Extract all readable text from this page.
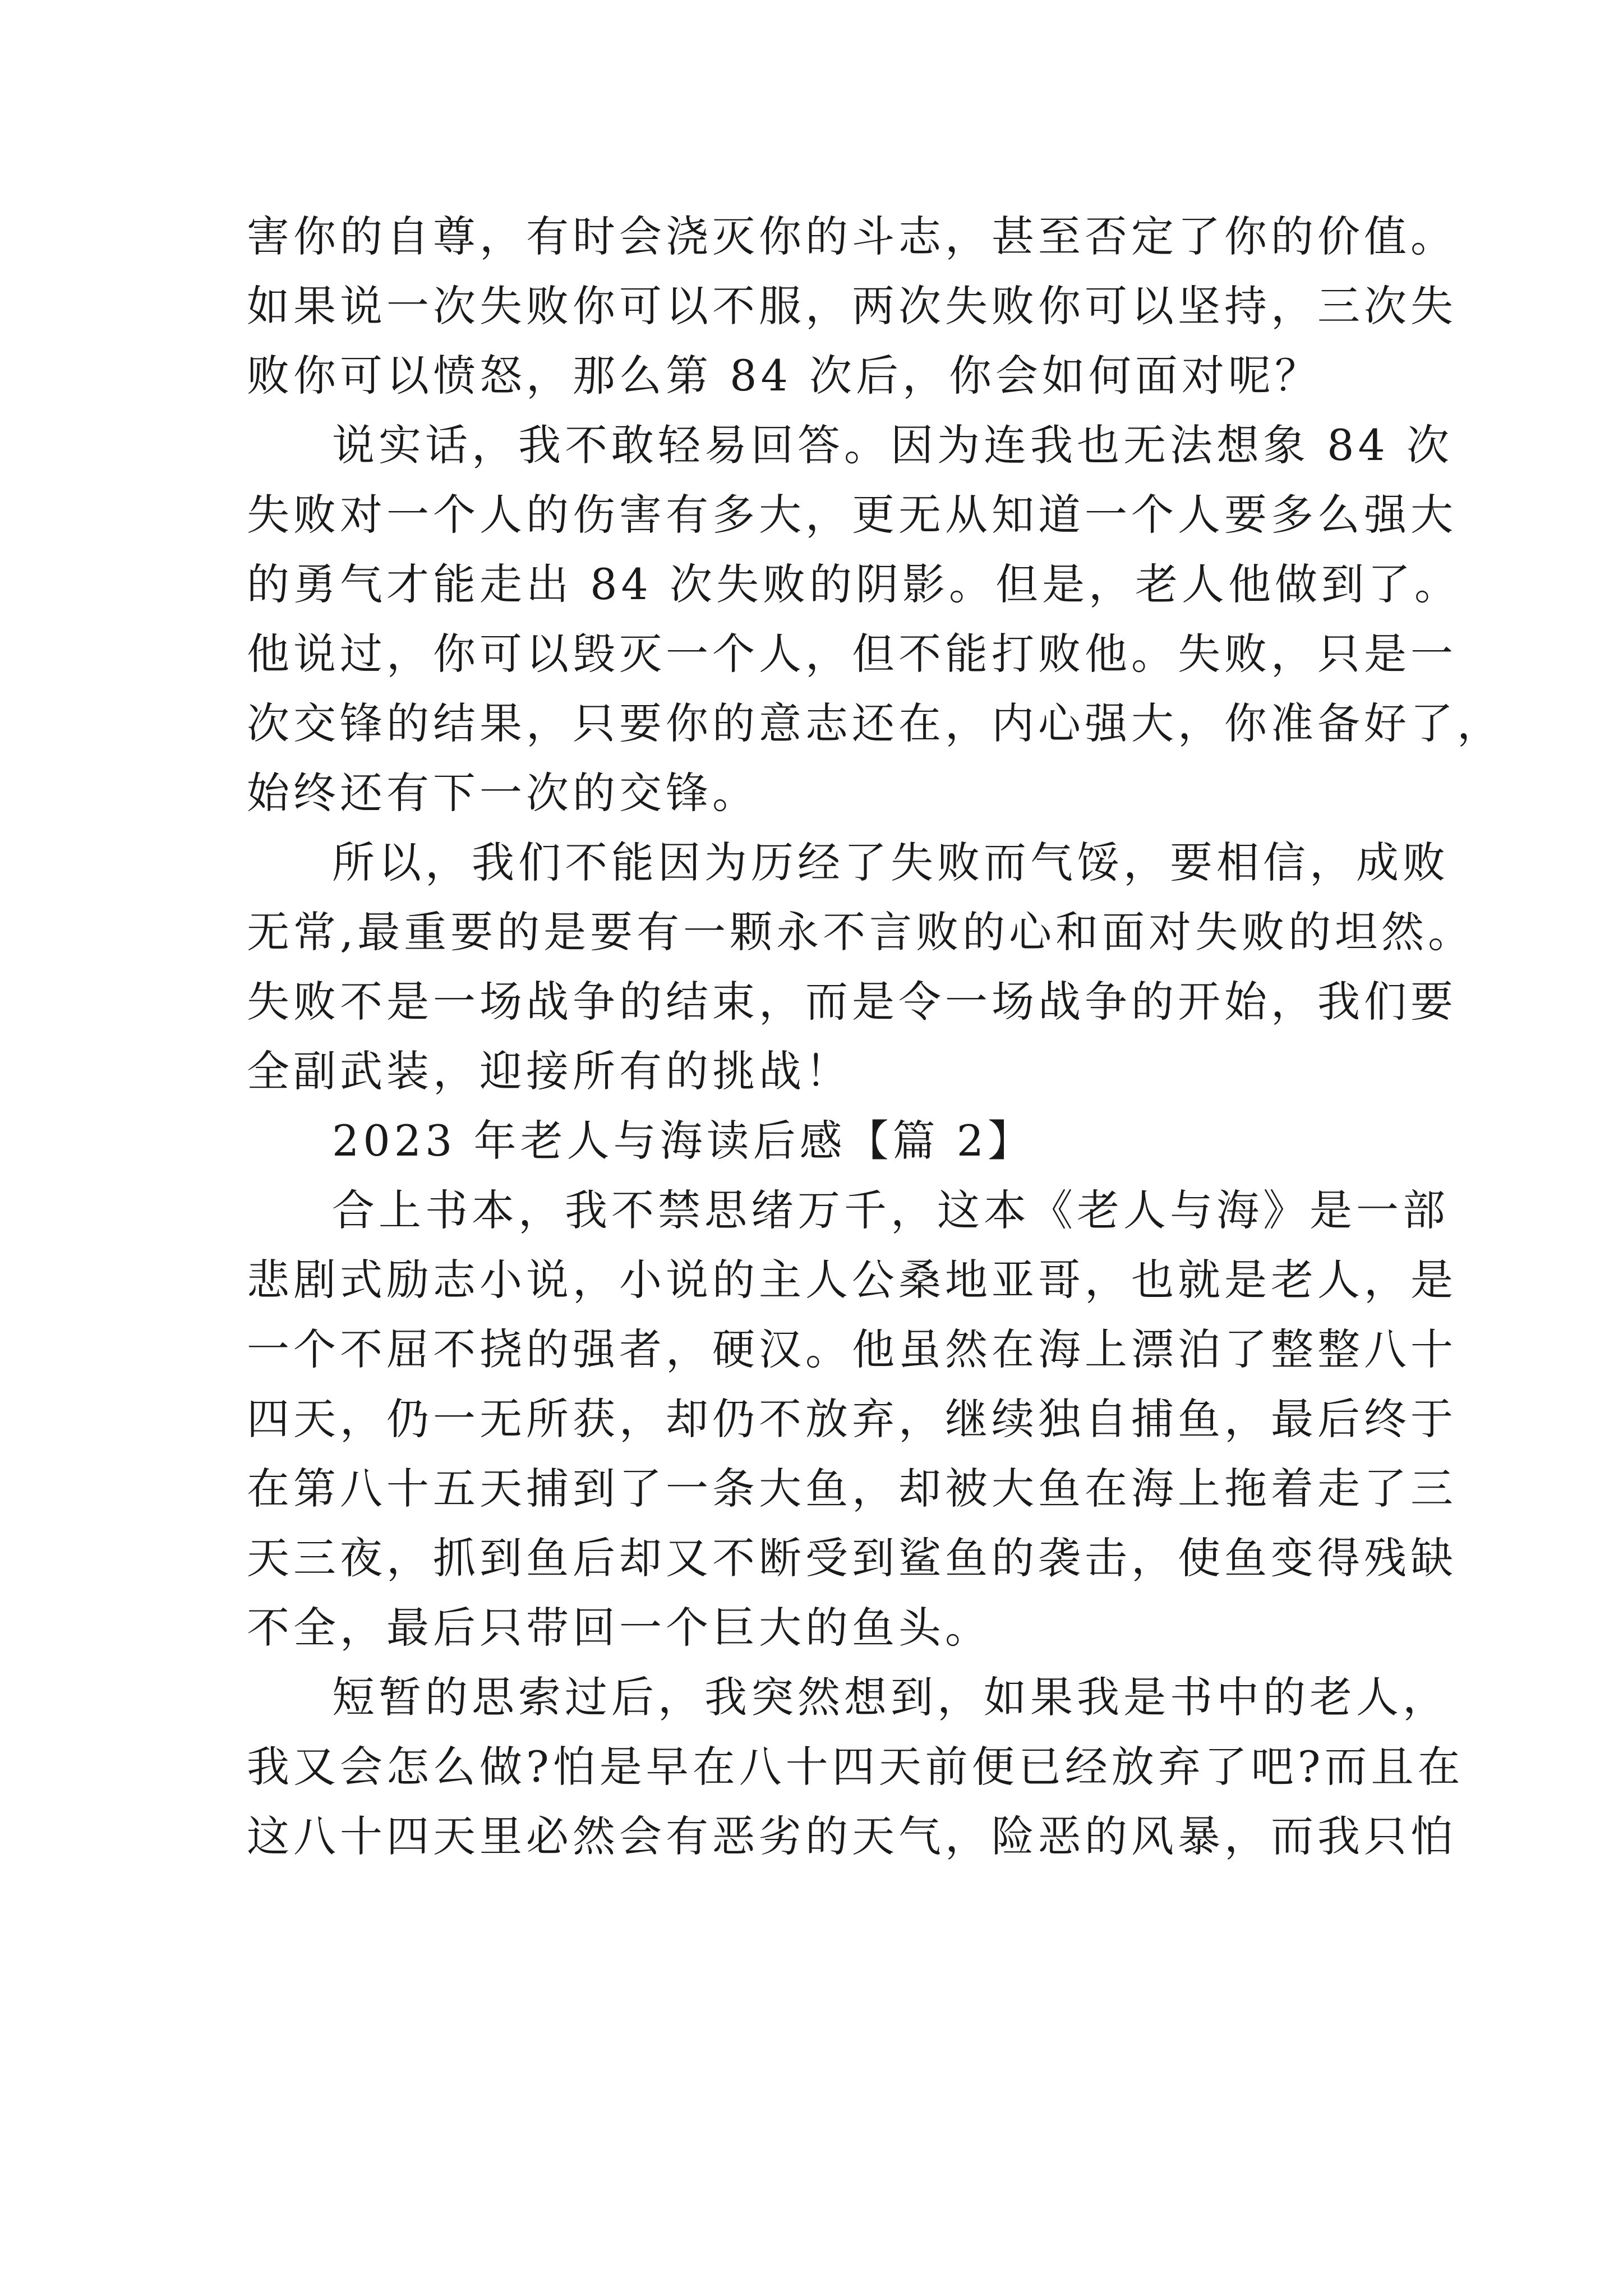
害你的自尊，有时会浇灭你的斗志，甚至否定了你的价值。
如果说一次失败你可以不服，两次失败你可以坚持，三次失
败你可以愤怒，那么第 84 次后，你会如何面对呢？
说实话，我不敢轻易回答。因为连我也无法想象 84 次
失败对一个人的伤害有多大，更无从知道一个人要多么强大
的勇气才能走出 84 次失败的阴影。但是，老人他做到了。
他说过，你可以毁灭一个人，但不能打败他。失败，只是一
次交锋的结果，只要你的意志还在，内心强大，你准备好了，
始终还有下一次的交锋。
所以，我们不能因为历经了失败而气馁，要相信，成败
无常,最重要的是要有一颗永不言败的心和面对失败的坦然。
失败不是一场战争的结束，而是令一场战争的开始，我们要
全副武装，迎接所有的挑战！
2023 年老人与海读后感【篇 2】
合上书本，我不禁思绪万千，这本《老人与海》是一部
悲剧式励志小说，小说的主人公桑地亚哥，也就是老人，是
一个不屈不挠的强者，硬汉。他虽然在海上漂泊了整整八十
四天，仍一无所获，却仍不放弃，继续独自捕鱼，最后终于
在第八十五天捕到了一条大鱼，却被大鱼在海上拖着走了三
天三夜，抓到鱼后却又不断受到鲨鱼的袭击，使鱼变得残缺
不全，最后只带回一个巨大的鱼头。
短暂的思索过后，我突然想到，如果我是书中的老人，
我又会怎么做?怕是早在八十四天前便已经放弃了吧?而且在
这八十四天里必然会有恶劣的天气，险恶的风暴，而我只怕
